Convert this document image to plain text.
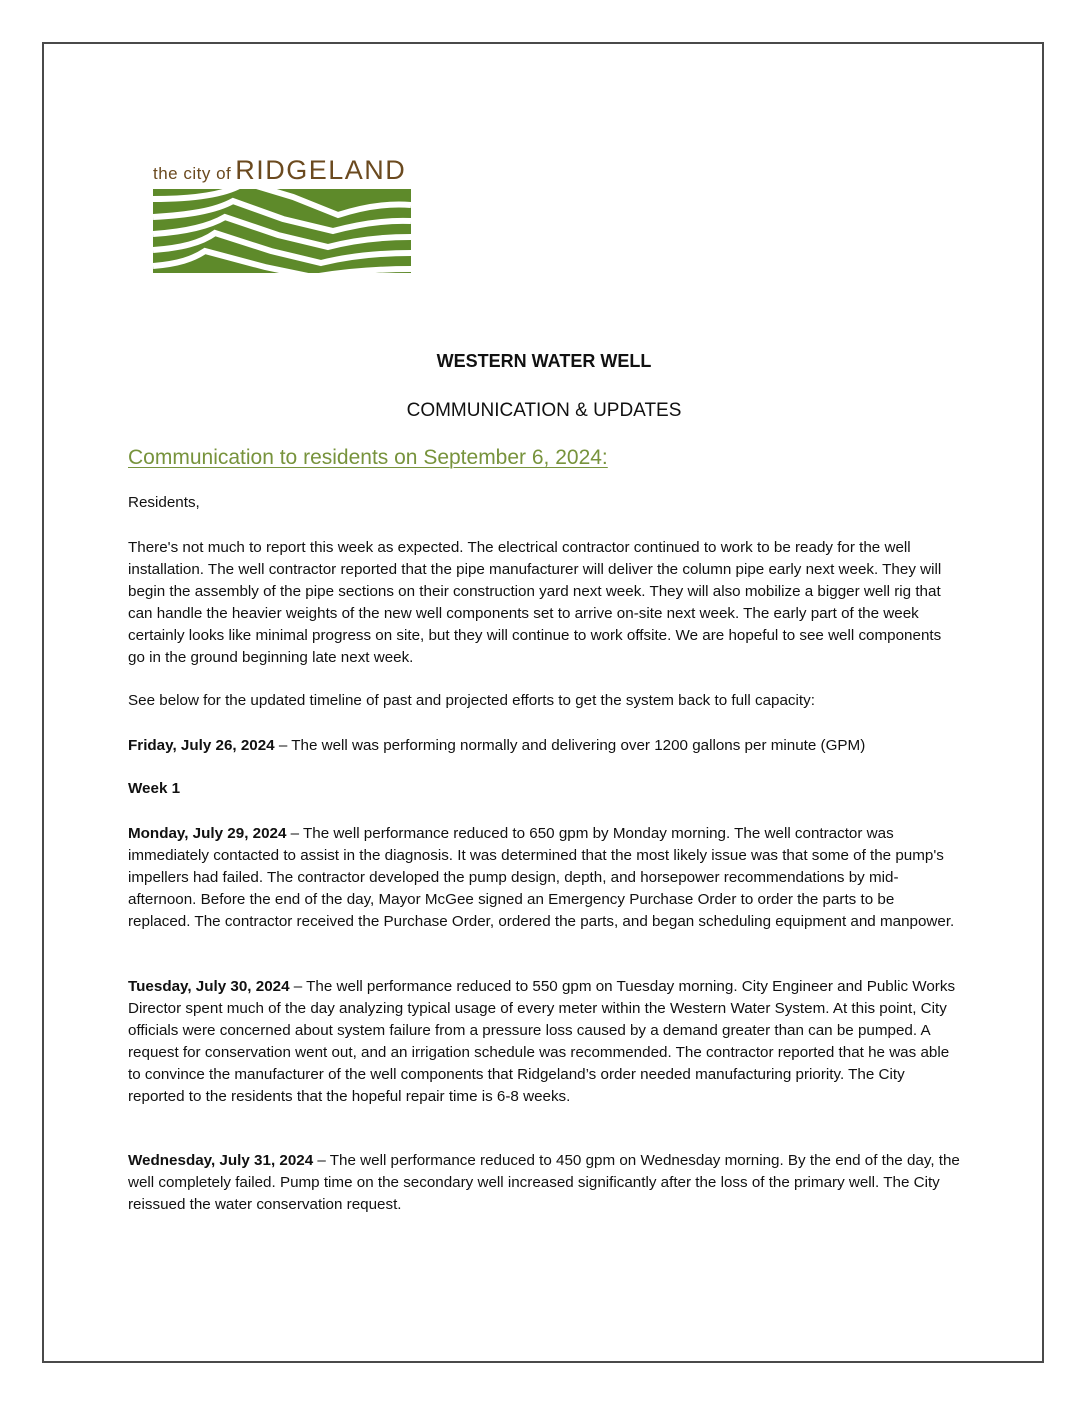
the city of RIDGELAND
WESTERN WATER WELL
COMMUNICATION & UPDATES
Communication to residents on September 6, 2024:
Residents,
There's not much to report this week as expected. The electrical contractor continued to work to be ready for the well installation. The well contractor reported that the pipe manufacturer will deliver the column pipe early next week. They will begin the assembly of the pipe sections on their construction yard next week. They will also mobilize a bigger well rig that can handle the heavier weights of the new well components set to arrive on-site next week. The early part of the week certainly looks like minimal progress on site, but they will continue to work offsite. We are hopeful to see well components go in the ground beginning late next week.
See below for the updated timeline of past and projected efforts to get the system back to full capacity:
Friday, July 26, 2024 – The well was performing normally and delivering over 1200 gallons per minute (GPM)
Week 1
Monday, July 29, 2024 – The well performance reduced to 650 gpm by Monday morning. The well contractor was immediately contacted to assist in the diagnosis. It was determined that the most likely issue was that some of the pump's impellers had failed. The contractor developed the pump design, depth, and horsepower recommendations by mid-afternoon. Before the end of the day, Mayor McGee signed an Emergency Purchase Order to order the parts to be replaced. The contractor received the Purchase Order, ordered the parts, and began scheduling equipment and manpower.
Tuesday, July 30, 2024 – The well performance reduced to 550 gpm on Tuesday morning. City Engineer and Public Works Director spent much of the day analyzing typical usage of every meter within the Western Water System. At this point, City officials were concerned about system failure from a pressure loss caused by a demand greater than can be pumped. A request for conservation went out, and an irrigation schedule was recommended. The contractor reported that he was able to convince the manufacturer of the well components that Ridgeland’s order needed manufacturing priority. The City reported to the residents that the hopeful repair time is 6-8 weeks.
Wednesday, July 31, 2024 – The well performance reduced to 450 gpm on Wednesday morning. By the end of the day, the well completely failed. Pump time on the secondary well increased significantly after the loss of the primary well. The City reissued the water conservation request.
